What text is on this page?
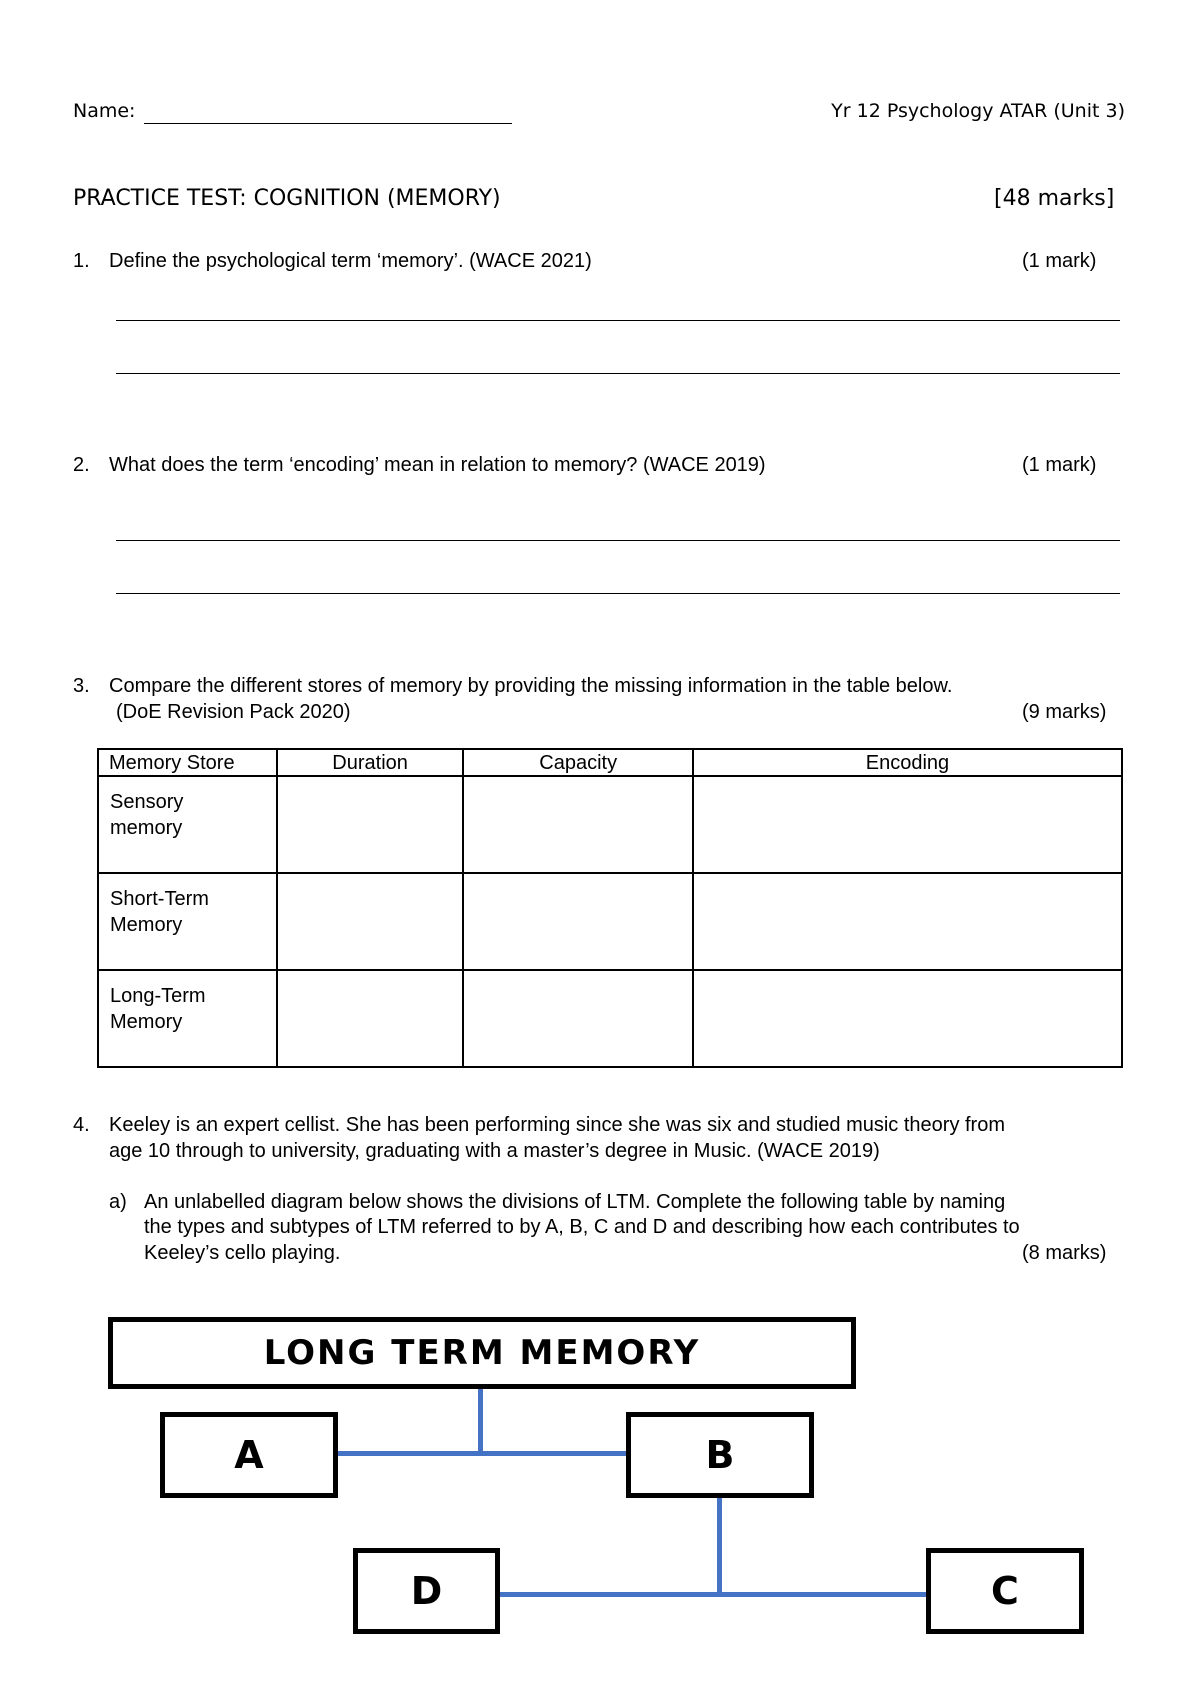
Name:	Yr 12 Psychology ATAR (Unit 3)
PRACTICE TEST: COGNITION (MEMORY)	[48 marks]
1. Define the psychological term ‘memory’. (WACE 2021)	(1 mark)
2. What does the term ‘encoding’ mean in relation to memory? (WACE 2019)	(1 mark)
3. Compare the different stores of memory by providing the missing information in the table below.
(DoE Revision Pack 2020)	(9 marks)
Memory Store	Duration	Capacity	Encoding

Sensory
memory			

Short-Term
Memory			

Long-Term
Memory			

4. Keeley is an expert cellist. She has been performing since she was six and studied music theory from
age 10 through to university, graduating with a master’s degree in Music. (WACE 2019)
a) An unlabelled diagram below shows the divisions of LTM. Complete the following table by naming
the types and subtypes of LTM referred to by A, B, C and D and describing how each contributes to
Keeley’s cello playing.	(8 marks)
LONG TERM MEMORY
A	B
D	C
